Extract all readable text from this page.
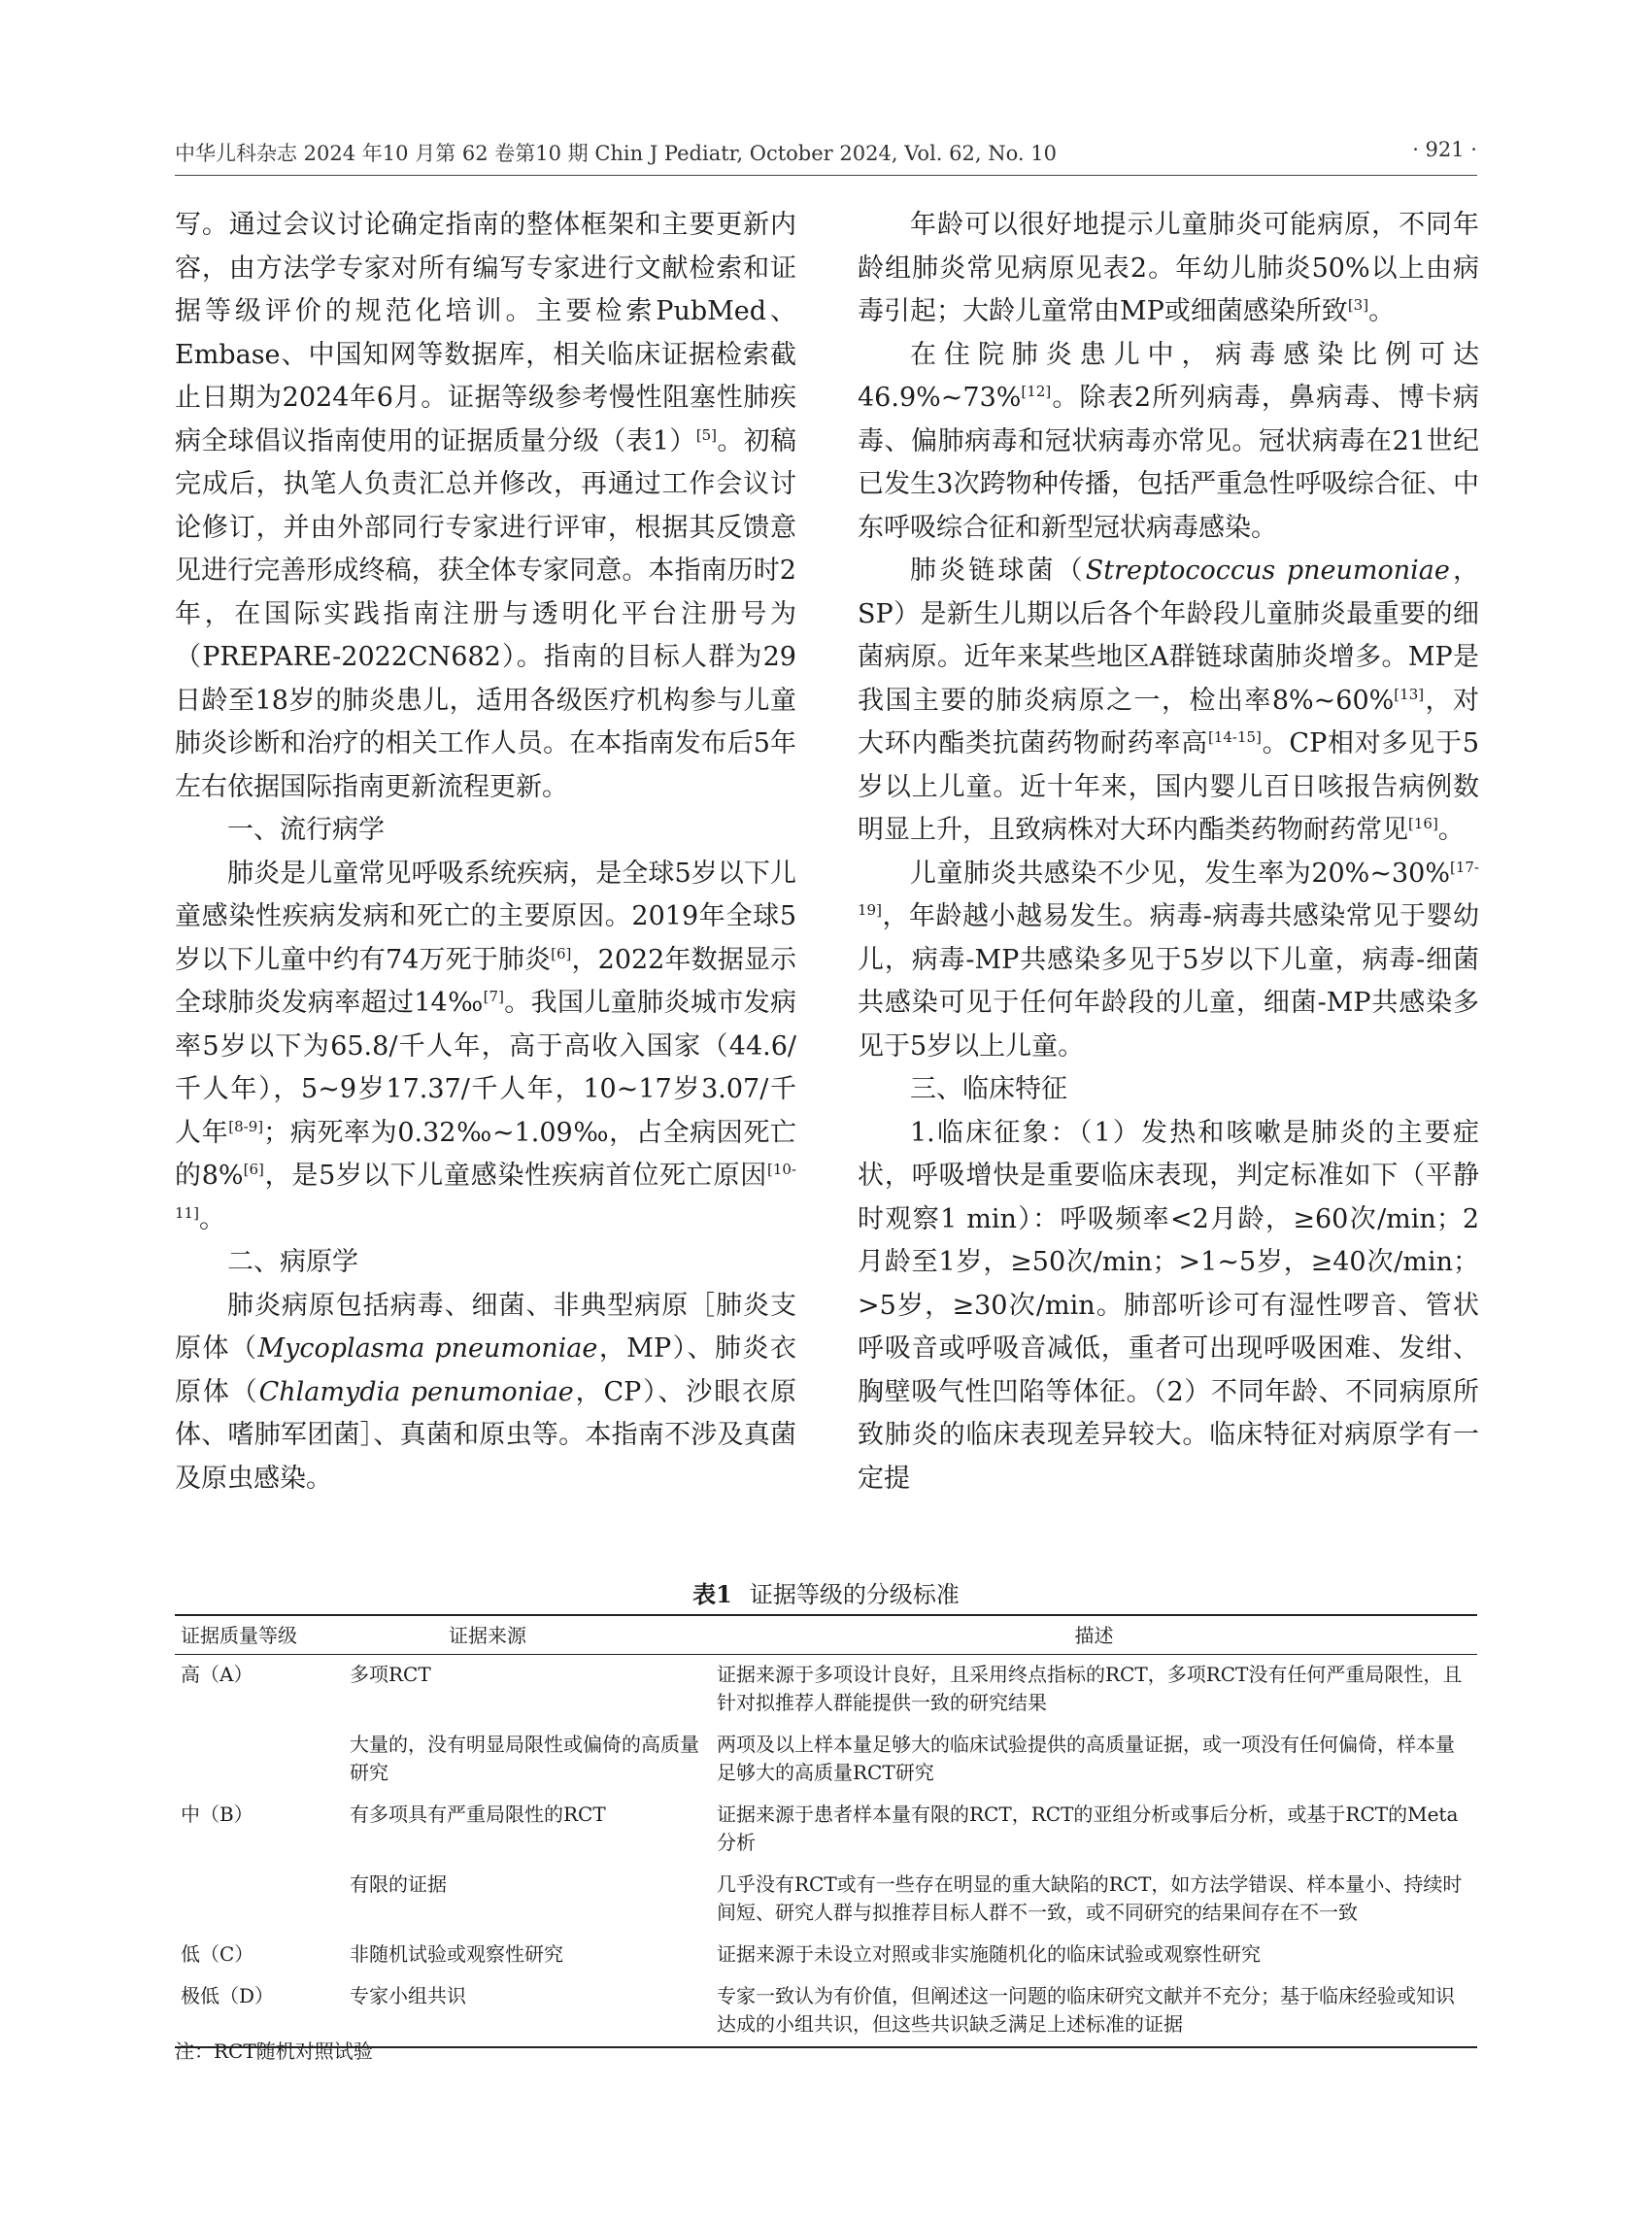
中华儿科杂志 2024 年10 月第 62 卷第10 期 Chin J Pediatr, October 2024, Vol. 62, No. 10	· 921 ·

写。通过会议讨论确定指南的整体框架和主要更新内容，由方法学专家对所有编写专家进行文献检索和证据等级评价的规范化培训。主要检索PubMed、Embase、中国知网等数据库，相关临床证据检索截止日期为2024年6月。证据等级参考慢性阻塞性肺疾病全球倡议指南使用的证据质量分级（表1）[5]。初稿完成后，执笔人负责汇总并修改，再通过工作会议讨论修订，并由外部同行专家进行评审，根据其反馈意见进行完善形成终稿，获全体专家同意。本指南历时2年，在国际实践指南注册与透明化平台注册号为（PREPARE-2022CN682）。指南的目标人群为29日龄至18岁的肺炎患儿，适用各级医疗机构参与儿童肺炎诊断和治疗的相关工作人员。在本指南发布后5年左右依据国际指南更新流程更新。

一、流行病学

肺炎是儿童常见呼吸系统疾病，是全球5岁以下儿童感染性疾病发病和死亡的主要原因。2019年全球5岁以下儿童中约有74万死于肺炎[6]，2022年数据显示全球肺炎发病率超过14‰[7]。我国儿童肺炎城市发病率5岁以下为65.8/千人年，高于高收入国家（44.6/千人年），5~9岁17.37/千人年，10~17岁3.07/千人年[8-9]；病死率为0.32‰~1.09‰，占全病因死亡的8%[6]，是5岁以下儿童感染性疾病首位死亡原因[10-11]。

二、病原学

肺炎病原包括病毒、细菌、非典型病原［肺炎支原体（Mycoplasma pneumoniae，MP）、肺炎衣原体（Chlamydia penumoniae，CP）、沙眼衣原体、嗜肺军团菌］、真菌和原虫等。本指南不涉及真菌及原虫感染。

年龄可以很好地提示儿童肺炎可能病原，不同年龄组肺炎常见病原见表2。年幼儿肺炎50%以上由病毒引起；大龄儿童常由MP或细菌感染所致[3]。

在住院肺炎患儿中，病毒感染比例可达46.9%~73%[12]。除表2所列病毒，鼻病毒、博卡病毒、偏肺病毒和冠状病毒亦常见。冠状病毒在21世纪已发生3次跨物种传播，包括严重急性呼吸综合征、中东呼吸综合征和新型冠状病毒感染。

肺炎链球菌（Streptococcus pneumoniae，SP）是新生儿期以后各个年龄段儿童肺炎最重要的细菌病原。近年来某些地区A群链球菌肺炎增多。MP是我国主要的肺炎病原之一，检出率8%~60%[13]，对大环内酯类抗菌药物耐药率高[14-15]。CP相对多见于5岁以上儿童。近十年来，国内婴儿百日咳报告病例数明显上升，且致病株对大环内酯类药物耐药常见[16]。

儿童肺炎共感染不少见，发生率为20%~30%[17-19]，年龄越小越易发生。病毒-病毒共感染常见于婴幼儿，病毒-MP共感染多见于5岁以下儿童，病毒-细菌共感染可见于任何年龄段的儿童，细菌-MP共感染多见于5岁以上儿童。

三、临床特征

1.临床征象：（1）发热和咳嗽是肺炎的主要症状，呼吸增快是重要临床表现，判定标准如下（平静时观察1 min）：呼吸频率<2月龄，≥60次/min；2月龄至1岁，≥50次/min；>1~5岁，≥40次/min；>5岁，≥30次/min。肺部听诊可有湿性啰音、管状呼吸音或呼吸音减低，重者可出现呼吸困难、发绀、胸壁吸气性凹陷等体征。（2）不同年龄、不同病原所致肺炎的临床表现差异较大。临床特征对病原学有一定提

表1 证据等级的分级标准
证据质量等级	证据来源	描述
高（A）	多项RCT	证据来源于多项设计良好，且采用终点指标的RCT，多项RCT没有任何严重局限性，且针对拟推荐人群能提供一致的研究结果
	大量的，没有明显局限性或偏倚的高质量研究	两项及以上样本量足够大的临床试验提供的高质量证据，或一项没有任何偏倚，样本量足够大的高质量RCT研究
中（B）	有多项具有严重局限性的RCT	证据来源于患者样本量有限的RCT，RCT的亚组分析或事后分析，或基于RCT的Meta分析
	有限的证据	几乎没有RCT或有一些存在明显的重大缺陷的RCT，如方法学错误、样本量小、持续时间短、研究人群与拟推荐目标人群不一致，或不同研究的结果间存在不一致
低（C）	非随机试验或观察性研究	证据来源于未设立对照或非实施随机化的临床试验或观察性研究
极低（D）	专家小组共识	专家一致认为有价值，但阐述这一问题的临床研究文献并不充分；基于临床经验或知识达成的小组共识，但这些共识缺乏满足上述标准的证据
注：RCT随机对照试验
